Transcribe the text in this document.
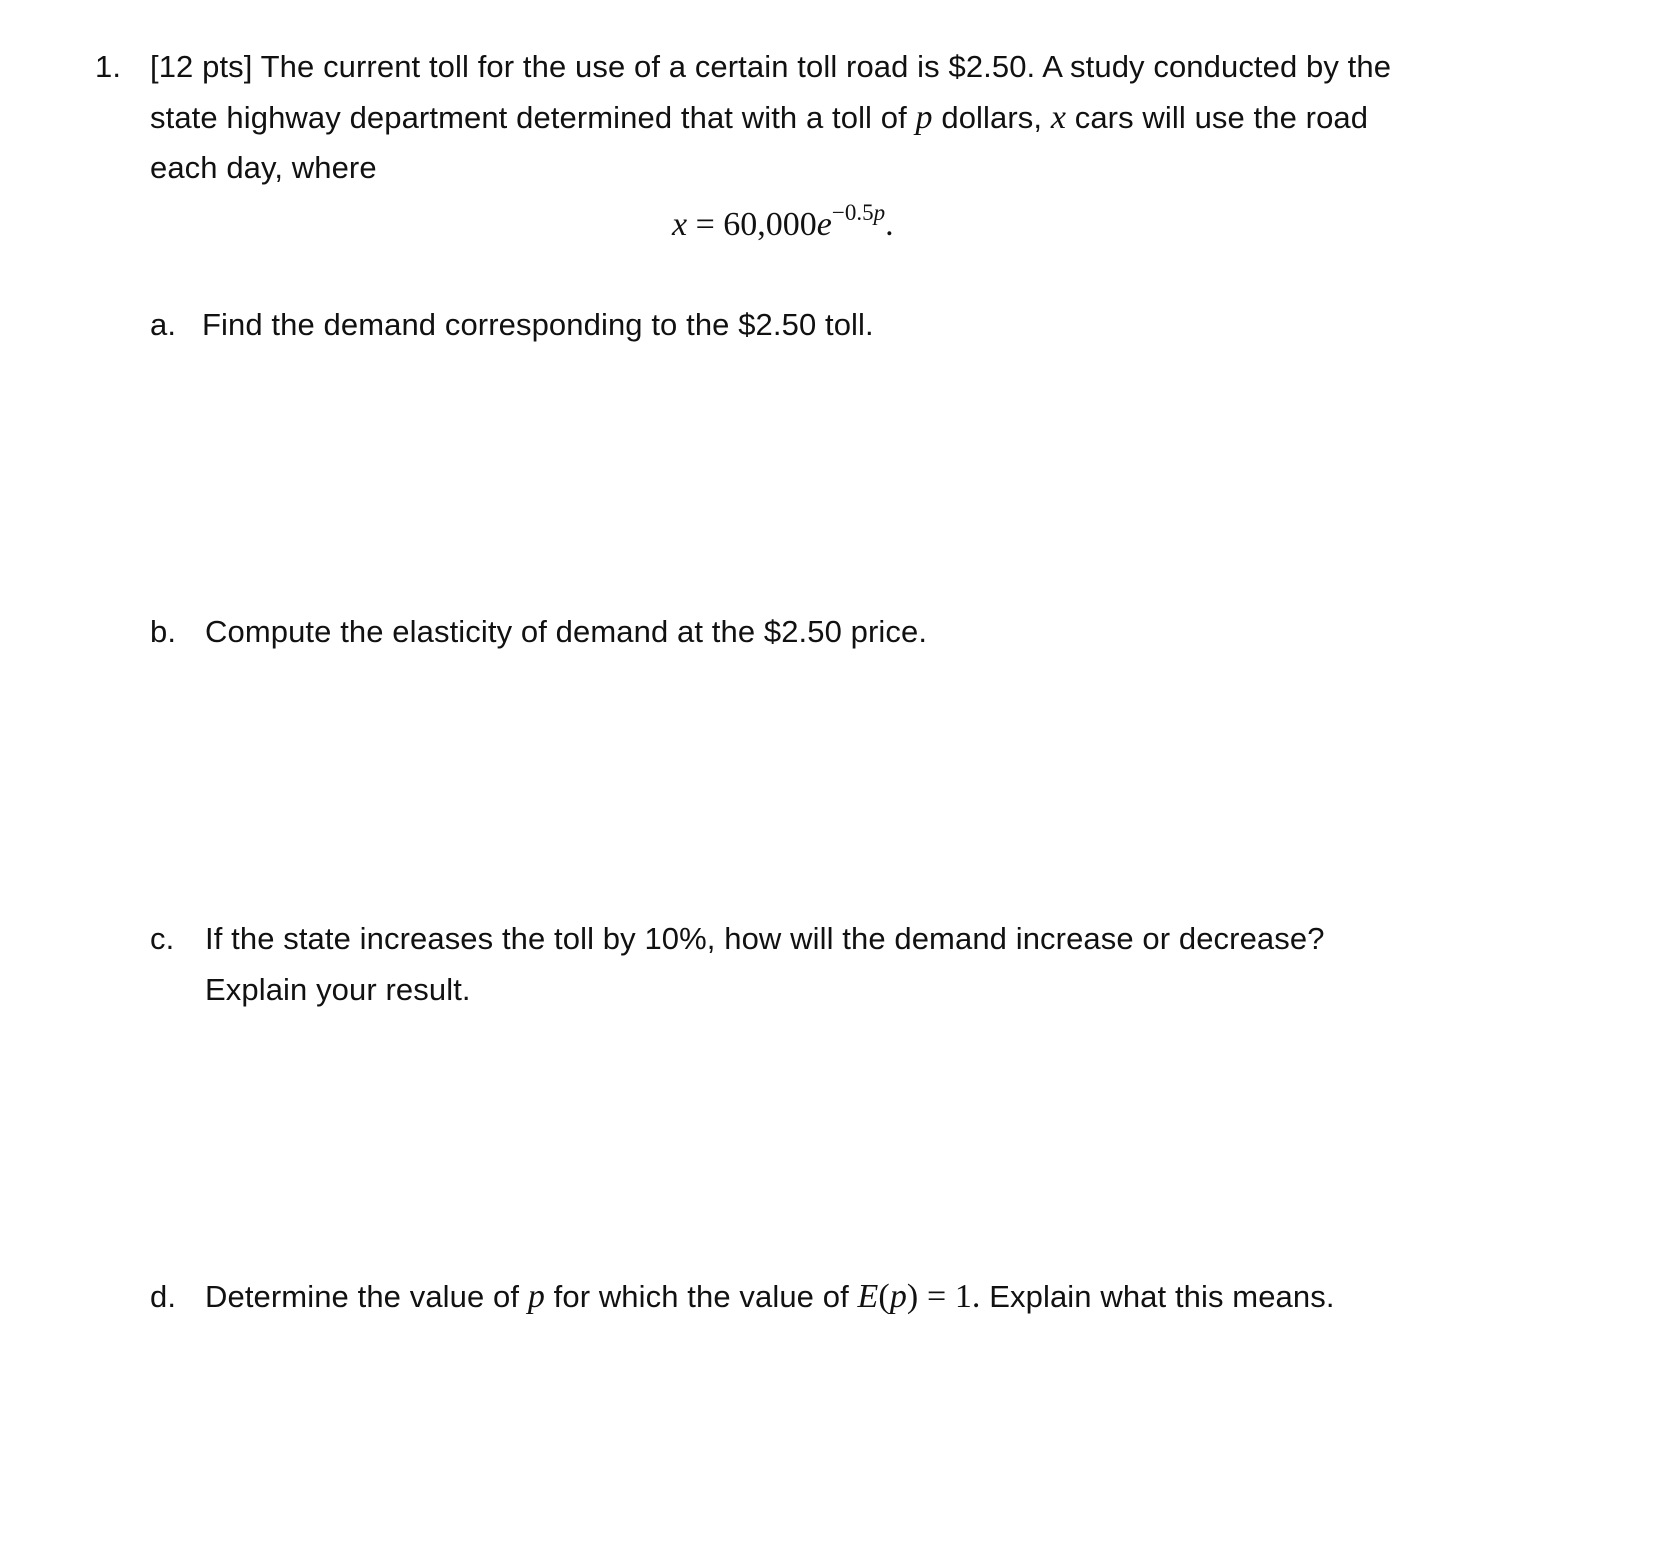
1. [12 pts] The current toll for the use of a certain toll road is $2.50. A study conducted by the
state highway department determined that with a toll of p dollars, x cars will use the road
each day, where
$x = 60,000e^{-0.5p}$.
a. Find the demand corresponding to the $2.50 toll.
b. Compute the elasticity of demand at the $2.50 price.
c. If the state increases the toll by 10%, how will the demand increase or decrease?
Explain your result.
d. Determine the value of p for which the value of E(p) = 1. Explain what this means.
